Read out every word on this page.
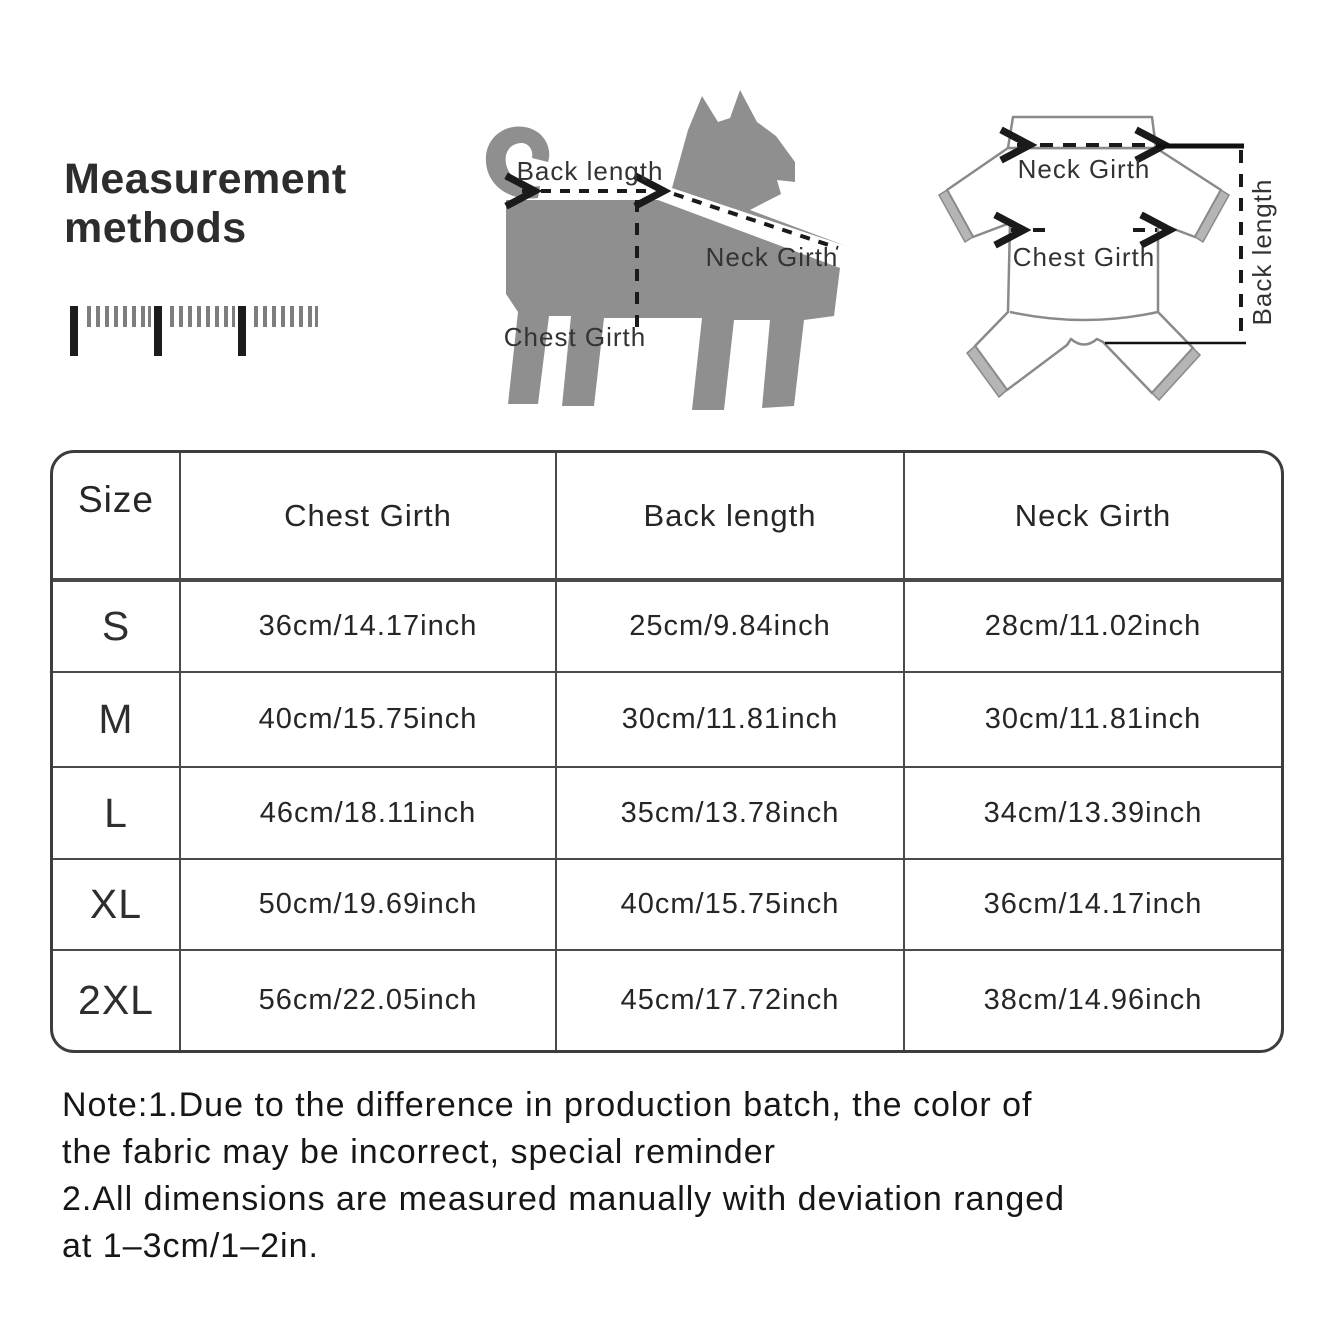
Measurement
methods
Back length
Neck Girth
Chest Girth
Neck Girth
Chest Girth	Back length
Size	Chest Girth	Back length	Neck Girth
S	36cm/14.17inch	25cm/9.84inch	28cm/11.02inch
M	40cm/15.75inch	30cm/11.81inch	30cm/11.81inch
L	46cm/18.11inch	35cm/13.78inch	34cm/13.39inch
XL	50cm/19.69inch	40cm/15.75inch	36cm/14.17inch
2XL	56cm/22.05inch	45cm/17.72inch	38cm/14.96inch
Note:1.Due to the difference in production batch, the color of
the fabric may be incorrect, special reminder
2.All dimensions are measured manually with deviation ranged
at 1–3cm/1–2in.
